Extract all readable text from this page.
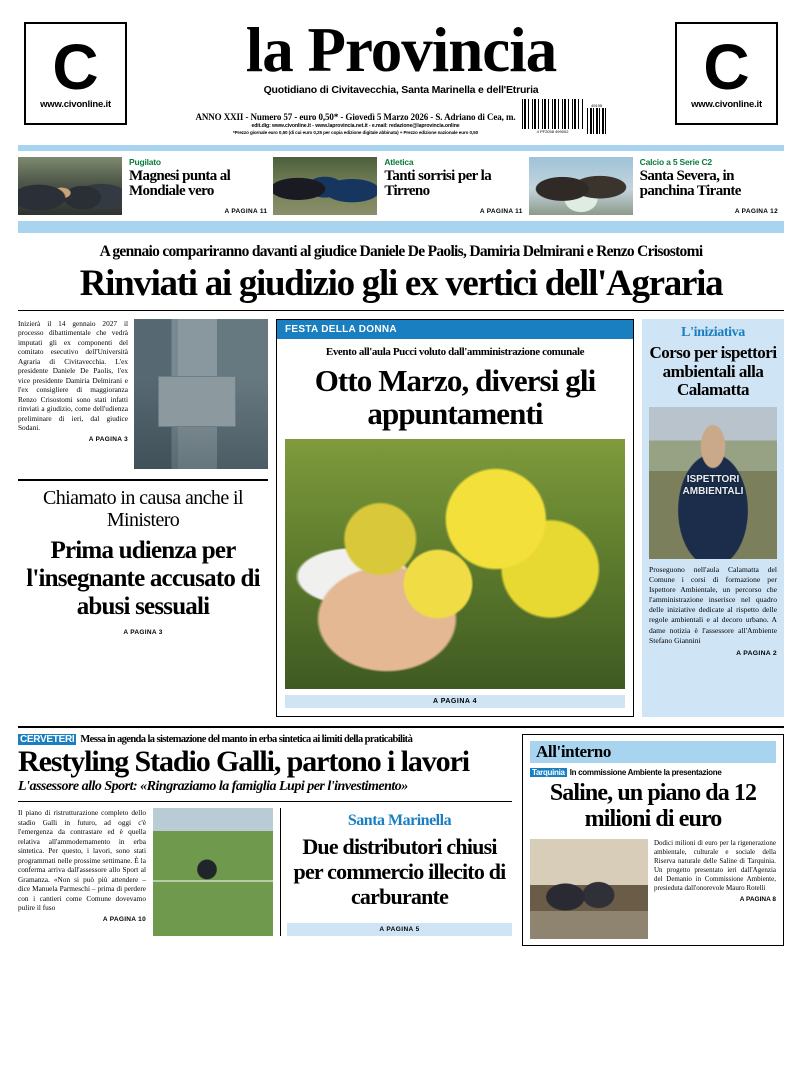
C
www.civonline.it
la Provincia
Quotidiano di Civitavecchia, Santa Marinella e dell'Etruria
ANNO XXII - Numero 57 - euro 0,50* - Giovedì 5 Marzo 2026 - S. Adriano di Cea, m.
edit.dig: www.civonline.it - www.laprovincia.net.it - e.mail: redazione@laprovincia.online
*Prezzo giornale euro 0,50 (di cui euro 0,25 per copia edizione digitale abbinata) + Prezzo edizione nazionale euro 0,50	4 PF2058 499002
49195
C
www.civonline.it
Pugilato
Magnesi punta al Mondiale vero
A PAGINA 11
Atletica
Tanti sorrisi per la Tirreno
A PAGINA 11
Calcio a 5 Serie C2
Santa Severa, in panchina Tirante
A PAGINA 12
A gennaio compariranno davanti al giudice Daniele De Paolis, Damiria Delmirani e Renzo Crisostomi
Rinviati ai giudizio gli ex vertici dell'Agraria
Inizierà il 14 gennaio 2027 il processo dibattimentale che vedrà imputati gli ex componenti del comitato esecutivo dell'Università Agraria di Civitavecchia. L'ex presidente Daniele De Paolis, l'ex vice presidente Damiria Delmirani e l'ex consigliere di maggioranza Renzo Crisostomi sono stati infatti rinviati a giudizio, come dell'udienza preliminare di ieri, dal giudice Sodani.
A PAGINA 3
Chiamato in causa anche il Ministero
Prima udienza per l'insegnante accusato di abusi sessuali
A PAGINA 3
FESTA DELLA DONNA
Evento all'aula Pucci voluto dall'amministrazione comunale
Otto Marzo, diversi gli appuntamenti
A PAGINA 4
L'iniziativa
Corso per ispettori ambientali alla Calamatta
ISPETTORI AMBIENTALI
Proseguono nell'aula Calamatta del Comune i corsi di formazione per Ispettore Ambientale, un percorso che l'amministrazione inserisce nel quadro delle iniziative dedicate al rispetto delle regole ambientali e al decoro urbano. A dame notizia è l'assessore all'Ambiente Stefano Giannini
A PAGINA 2
CERVETERI Messa in agenda la sistemazione del manto in erba sintetica ai limiti della praticabilità
Restyling Stadio Galli, partono i lavori
L'assessore allo Sport: «Ringraziamo la famiglia Lupi per l'investimento»
Il piano di ristrutturazione completo dello stadio Galli in futuro, ad oggi c'è l'emergenza da contrastare ed è quella relativa all'ammodernamento in erba sintetica. Per questo, i lavori, sono stati programmati nelle prossime settimane. È la conferma arriva dall'assessore allo Sport al Gramanza. «Non si può più attendere – dice Manuela Parmeschi – prima di perdere con i cantieri come Comune dovevamo pulire il fuso
A PAGINA 10
Santa Marinella
Due distributori chiusi per commercio illecito di carburante
A PAGINA 5
All'interno
Tarquinia In commissione Ambiente la presentazione
Saline, un piano da 12 milioni di euro
Dodici milioni di euro per la rigenerazione ambientale, culturale e sociale della Riserva naturale delle Saline di Tarquinia. Un progetto presentato ieri dall'Agenzia del Demanio in Commissione Ambiente, presieduta dall'onorevole Mauro Rotelli
A PAGINA 8
